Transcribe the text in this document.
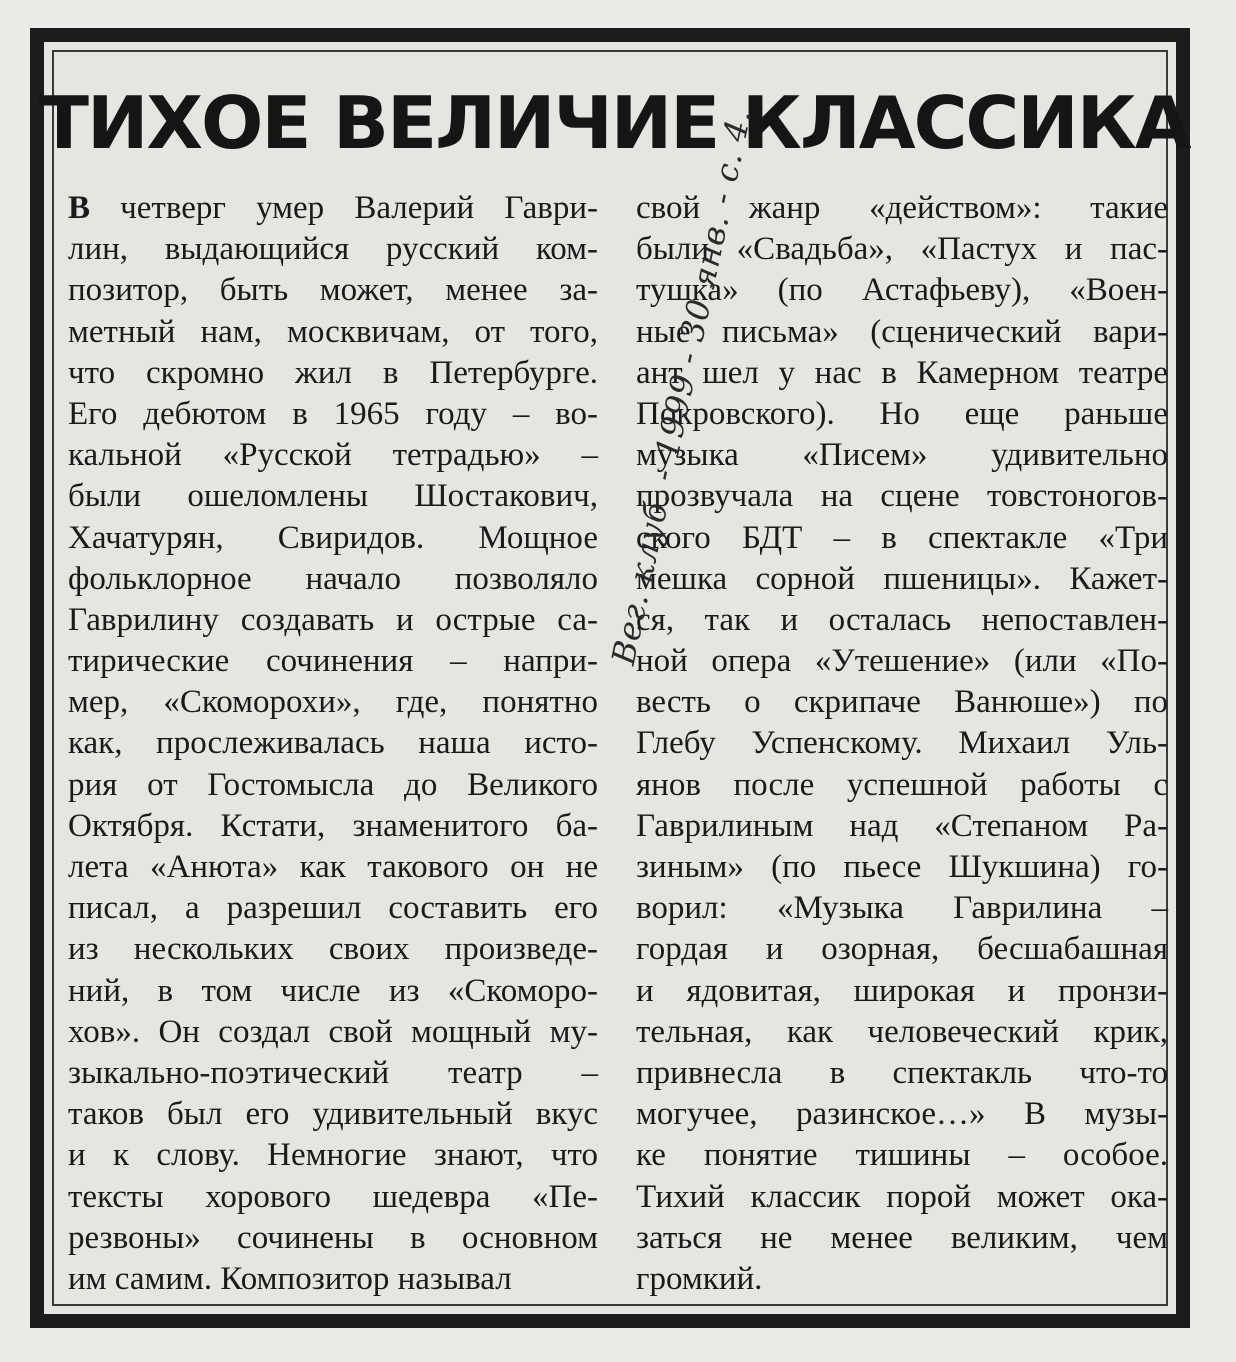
ТИХОЕ ВЕЛИЧИЕ КЛАССИКА
В четверг умер Валерий Гаври-
лин, выдающийся русский ком-
позитор, быть может, менее за-
метный нам, москвичам, от того,
что скромно жил в Петербурге.
Его дебютом в 1965 году – во-
кальной «Русской тетрадью» –
были ошеломлены Шостакович,
Хачатурян, Свиридов. Мощное
фольклорное начало позволяло
Гаврилину создавать и острые са-
тирические сочинения – напри-
мер, «Скоморохи», где, понятно
как, прослеживалась наша исто-
рия от Гостомысла до Великого
Октября. Кстати, знаменитого ба-
лета «Анюта» как такового он не
писал, а разрешил составить его
из нескольких своих произведе-
ний, в том числе из «Скоморо-
хов». Он создал свой мощный му-
зыкально-поэтический театр –
таков был его удивительный вкус
и к слову. Немногие знают, что
тексты хорового шедевра «Пе-
резвоны» сочинены в основном
им самим. Композитор называл
свой жанр «действом»: такие
были «Свадьба», «Пастух и пас-
тушка» (по Астафьеву), «Воен-
ные письма» (сценический вари-
ант шел у нас в Камерном театре
Покровского). Но еще раньше
музыка «Писем» удивительно
прозвучала на сцене товстоногов-
ского БДТ – в спектакле «Три
мешка сорной пшеницы». Кажет-
ся, так и осталась непоставлен-
ной опера «Утешение» (или «По-
весть о скрипаче Ванюше») по
Глебу Успенскому. Михаил Уль-
янов после успешной работы с
Гаврилиным над «Степаном Ра-
зиным» (по пьесе Шукшина) го-
ворил: «Музыка Гаврилина –
гордая и озорная, бесшабашная
и ядовитая, широкая и пронзи-
тельная, как человеческий крик,
привнесла в спектакль что-то
могучее, разинское…» В музы-
ке понятие тишины – особое.
Тихий классик порой может ока-
заться не менее великим, чем
громкий.
Вег. клуб. - 1999 - 30 янв. - с. 4.
